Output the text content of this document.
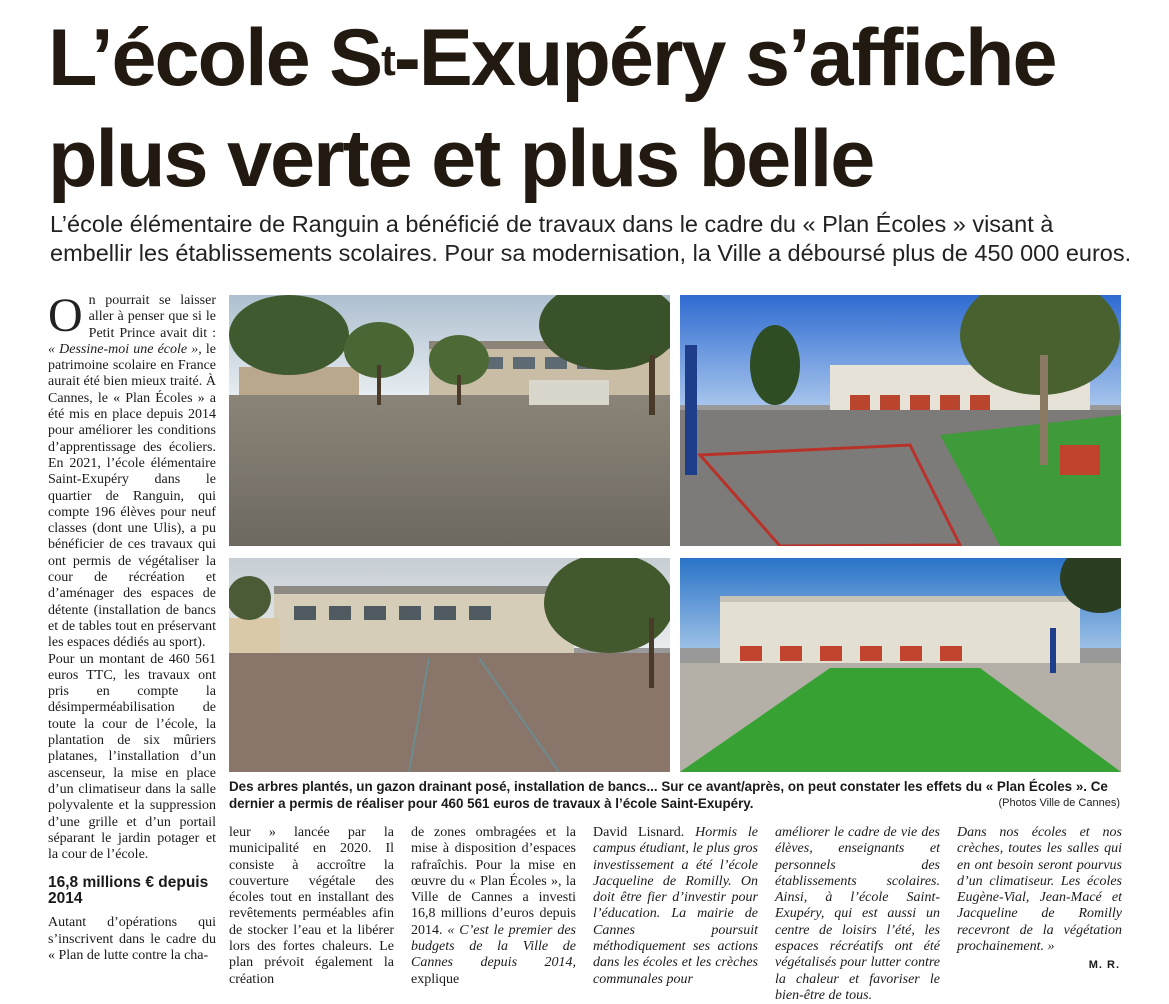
L’école $S^t$-Exupéry s’affiche
plus verte et plus belle

L’école élémentaire de Ranguin a bénéficié de travaux dans le cadre du « Plan Écoles » visant à embellir les établissements scolaires. Pour sa modernisation, la Ville a déboursé plus de 450 000 euros.

On pourrait se laisser aller à penser que si le Petit Prince avait dit : « Dessine-moi une école », le patrimoine scolaire en France aurait été bien mieux traité. À Cannes, le « Plan Écoles » a été mis en place depuis 2014 pour améliorer les conditions d’apprentissage des écoliers. En 2021, l’école élémentaire Saint-Exupéry dans le quartier de Ranguin, qui compte 196 élèves pour neuf classes (dont une Ulis), a pu bénéficier de ces travaux qui ont permis de végétaliser la cour de récréation et d’aménager des espaces de détente (installation de bancs et de tables tout en préservant les espaces dédiés au sport).

Pour un montant de 460 561 euros TTC, les travaux ont pris en compte la désimperméabilisation de toute la cour de l’école, la plantation de six mûriers platanes, l’installation d’un ascenseur, la mise en place d’un climatiseur dans la salle polyvalente et la suppression d’une grille et d’un portail séparant le jardin potager et la cour de l’école.

16,8 millions € depuis 2014

Autant d’opérations qui s’inscrivent dans le cadre du « Plan de lutte contre la cha-

Des arbres plantés, un gazon drainant posé, installation de bancs... Sur ce avant/après, on peut constater les effets du « Plan Écoles ». Ce dernier a permis de réaliser pour 460 561 euros de travaux à l’école Saint-Exupéry.	(Photos Ville de Cannes)

leur » lancée par la municipalité en 2020. Il consiste à accroître la couverture végétale des écoles tout en installant des revêtements perméables afin de stocker l’eau et la libérer lors des fortes chaleurs. Le plan prévoit également la création

de zones ombragées et la mise à disposition d’espaces rafraîchis. Pour la mise en œuvre du « Plan Écoles », la Ville de Cannes a investi 16,8 millions d’euros depuis 2014. « C’est le premier des budgets de la Ville de Cannes depuis 2014, explique

David Lisnard. Hormis le campus étudiant, le plus gros investissement a été l’école Jacqueline de Romilly. On doit être fier d’investir pour l’éducation. La mairie de Cannes poursuit méthodiquement ses actions dans les écoles et les crèches communales pour

améliorer le cadre de vie des élèves, enseignants et personnels des établissements scolaires. Ainsi, à l’école Saint-Exupéry, qui est aussi un centre de loisirs l’été, les espaces récréatifs ont été végétalisés pour lutter contre la chaleur et favoriser le bien-être de tous.

Dans nos écoles et nos crèches, toutes les salles qui en ont besoin seront pourvus d’un climatiseur. Les écoles Eugène-Vial, Jean-Macé et Jacqueline de Romilly recevront de la végétation prochainement. »

M. R.
